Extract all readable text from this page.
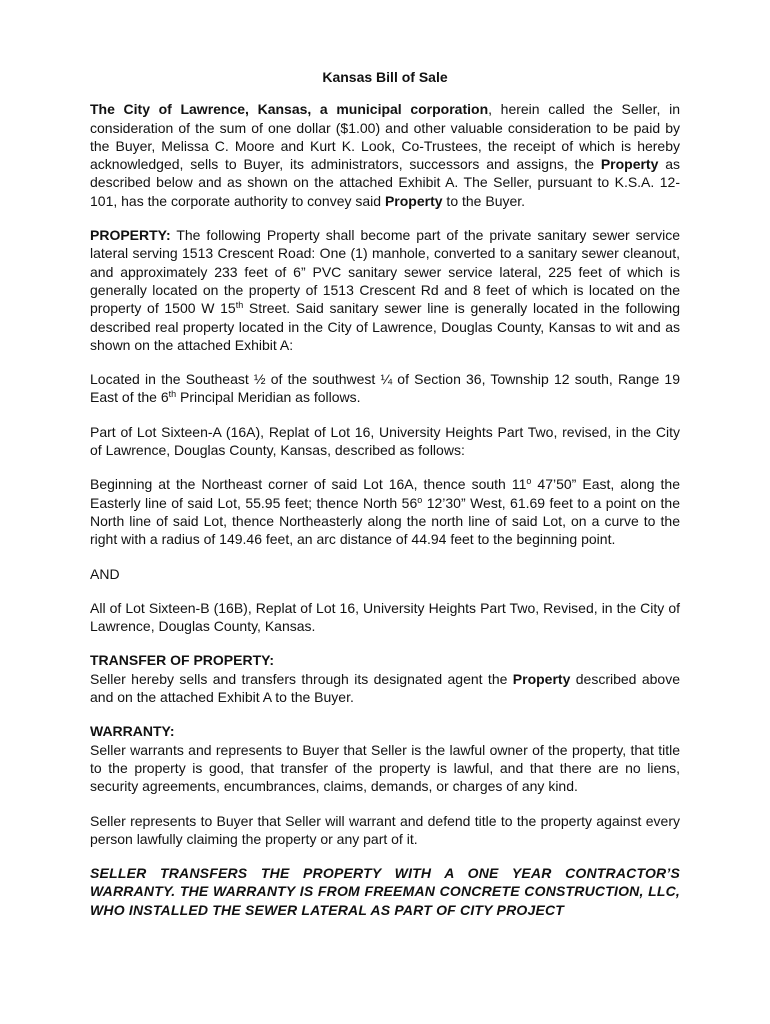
Kansas Bill of Sale

The City of Lawrence, Kansas, a municipal corporation, herein called the Seller, in consideration of the sum of one dollar ($1.00) and other valuable consideration to be paid by the Buyer, Melissa C. Moore and Kurt K. Look, Co-Trustees, the receipt of which is hereby acknowledged, sells to Buyer, its administrators, successors and assigns, the Property as described below and as shown on the attached Exhibit A. The Seller, pursuant to K.S.A. 12-101, has the corporate authority to convey said Property to the Buyer.

PROPERTY: The following Property shall become part of the private sanitary sewer service lateral serving 1513 Crescent Road: One (1) manhole, converted to a sanitary sewer cleanout, and approximately 233 feet of 6” PVC sanitary sewer service lateral, 225 feet of which is generally located on the property of 1513 Crescent Rd and 8 feet of which is located on the property of 1500 W 15th Street. Said sanitary sewer line is generally located in the following described real property located in the City of Lawrence, Douglas County, Kansas to wit and as shown on the attached Exhibit A:

Located in the Southeast ½ of the southwest ¼ of Section 36, Township 12 south, Range 19 East of the 6th Principal Meridian as follows.

Part of Lot Sixteen-A (16A), Replat of Lot 16, University Heights Part Two, revised, in the City of Lawrence, Douglas County, Kansas, described as follows:

Beginning at the Northeast corner of said Lot 16A, thence south 11$^o$ 47’50” East, along the Easterly line of said Lot, 55.95 feet; thence North 56$^o$ 12’30” West, 61.69 feet to a point on the North line of said Lot, thence Northeasterly along the north line of said Lot, on a curve to the right with a radius of 149.46 feet, an arc distance of 44.94 feet to the beginning point.

AND

All of Lot Sixteen-B (16B), Replat of Lot 16, University Heights Part Two, Revised, in the City of Lawrence, Douglas County, Kansas.

TRANSFER OF PROPERTY:

Seller hereby sells and transfers through its designated agent the Property described above and on the attached Exhibit A to the Buyer.

WARRANTY:

Seller warrants and represents to Buyer that Seller is the lawful owner of the property, that title to the property is good, that transfer of the property is lawful, and that there are no liens, security agreements, encumbrances, claims, demands, or charges of any kind.

Seller represents to Buyer that Seller will warrant and defend title to the property against every person lawfully claiming the property or any part of it.

SELLER TRANSFERS THE PROPERTY WITH A ONE YEAR CONTRACTOR’S WARRANTY. THE WARRANTY IS FROM FREEMAN CONCRETE CONSTRUCTION, LLC, WHO INSTALLED THE SEWER LATERAL AS PART OF CITY PROJECT
